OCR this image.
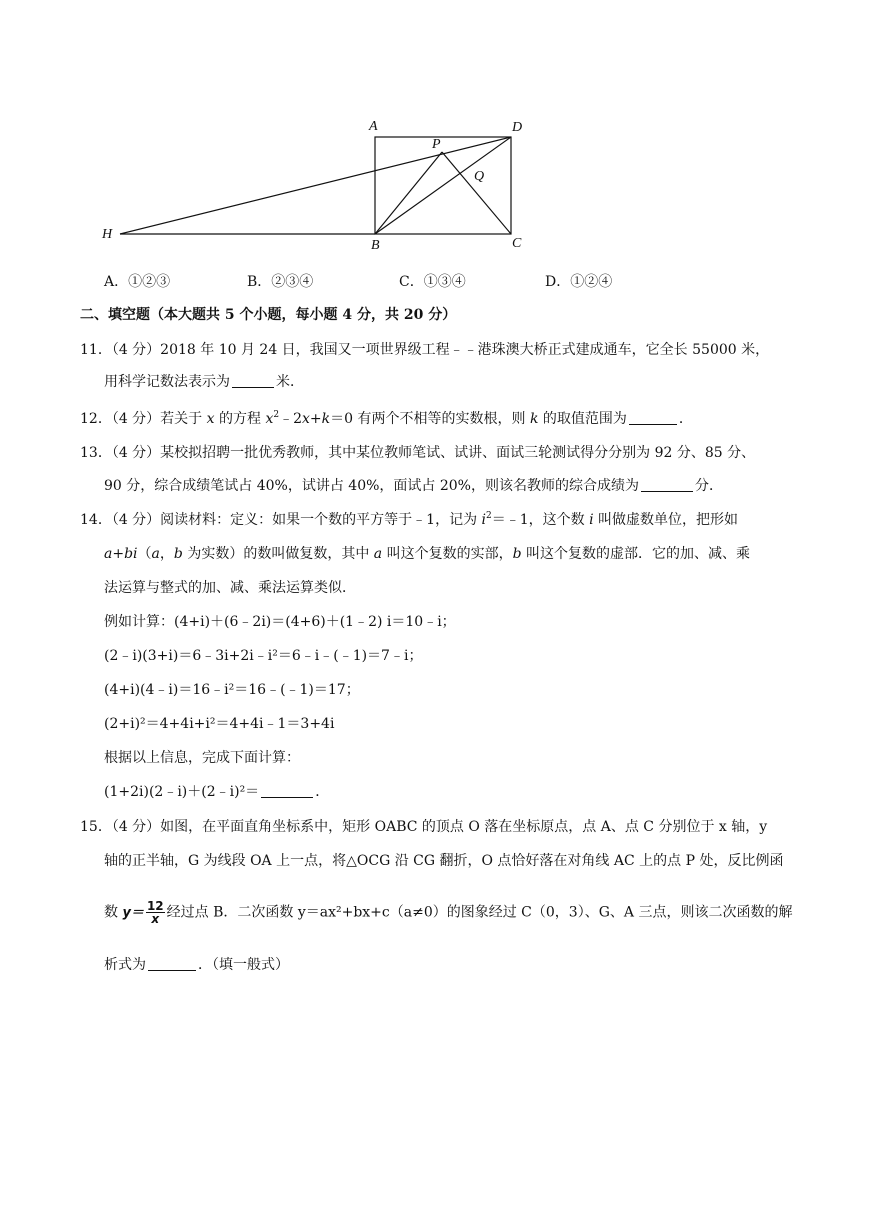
A	D
P
Q
H
B	C
A．①②③	B．②③④	C．①③④	D．①②④
二、填空题（本大题共 5 个小题，每小题 4 分，共 20 分）
11．（4 分）2018 年 10 月 24 日，我国又一项世界级工程﹣﹣港珠澳大桥正式建成通车，它全长 55000 米，
用科学记数法表示为	米．
12．（4 分）若关于 x 的方程 $x^2﹣2x+k=0$ 有两个不相等的实数根，则 k 的取值范围为	．
13．（4 分）某校拟招聘一批优秀教师，其中某位教师笔试、试讲、面试三轮测试得分分别为 92 分、85 分、
90 分，综合成绩笔试占 40%，试讲占 40%，面试占 20%，则该名教师的综合成绩为	分．
14．（4 分）阅读材料：定义：如果一个数的平方等于﹣1，记为 $i^2=﹣1$，这个数 i 叫做虚数单位，把形如
a+bi（a，b 为实数）的数叫做复数，其中 a 叫这个复数的实部，b 叫这个复数的虚部．它的加、减、乘
法运算与整式的加、减、乘法运算类似．
例如计算：(4+i)＋(6﹣2i)＝(4+6)＋(1﹣2) i＝10﹣i；
(2﹣i)(3+i)＝6﹣3i+2i﹣i²＝6﹣i﹣(﹣1)＝7﹣i；
(4+i)(4﹣i)＝16﹣i²＝16﹣(﹣1)＝17；
(2+i)²＝4+4i+i²＝4+4i﹣1＝3+4i
根据以上信息，完成下面计算：
(1+2i)(2﹣i)＋(2﹣i)²＝	．
15．（4 分）如图，在平面直角坐标系中，矩形 OABC 的顶点 O 落在坐标原点，点 A、点 C 分别位于 x 轴，y
轴的正半轴，G 为线段 OA 上一点，将△OCG 沿 CG 翻折，O 点恰好落在对角线 AC 上的点 P 处，反比例函
数 $y= \frac{12}{x}$ 经过点 B．二次函数 y＝ax²+bx+c（a≠0）的图象经过 C（0，3）、G、A 三点，则该二次函数的解
析式为	．（填一般式）
